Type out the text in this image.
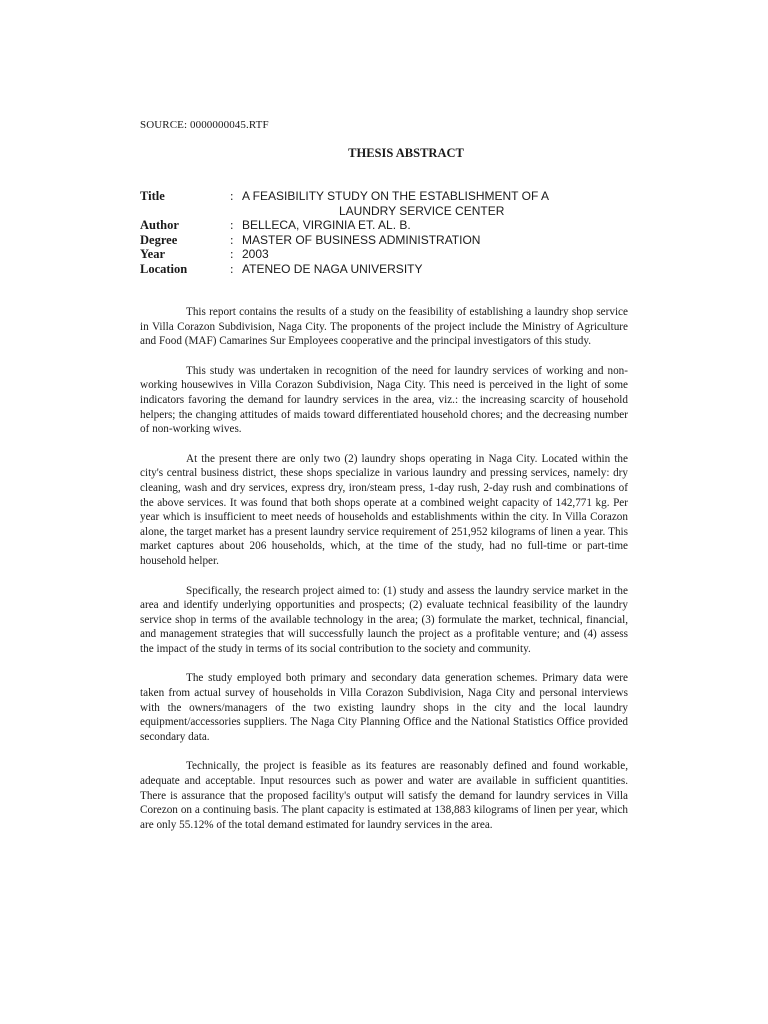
SOURCE: 0000000045.RTF
THESIS ABSTRACT
Title	: A FEASIBILITY STUDY ON THE ESTABLISHMENT OF A
LAUNDRY SERVICE CENTER
Author	: BELLECA, VIRGINIA ET. AL. B.
Degree	: MASTER OF BUSINESS ADMINISTRATION
Year	: 2003
Location	: ATENEO DE NAGA UNIVERSITY

This report contains the results of a study on the feasibility of establishing a laundry shop service in Villa Corazon Subdivision, Naga City. The proponents of the project include the Ministry of Agriculture and Food (MAF) Camarines Sur Employees cooperative and the principal investigators of this study.

This study was undertaken in recognition of the need for laundry services of working and non-working housewives in Villa Corazon Subdivision, Naga City. This need is perceived in the light of some indicators favoring the demand for laundry services in the area, viz.: the increasing scarcity of household helpers; the changing attitudes of maids toward differentiated household chores; and the decreasing number of non-working wives.

At the present there are only two (2) laundry shops operating in Naga City. Located within the city's central business district, these shops specialize in various laundry and pressing services, namely: dry cleaning, wash and dry services, express dry, iron/steam press, 1-day rush, 2-day rush and combinations of the above services. It was found that both shops operate at a combined weight capacity of 142,771 kg. Per year which is insufficient to meet needs of households and establishments within the city. In Villa Corazon alone, the target market has a present laundry service requirement of 251,952 kilograms of linen a year. This market captures about 206 households, which, at the time of the study, had no full-time or part-time household helper.

Specifically, the research project aimed to: (1) study and assess the laundry service market in the area and identify underlying opportunities and prospects; (2) evaluate technical feasibility of the laundry service shop in terms of the available technology in the area; (3) formulate the market, technical, financial, and management strategies that will successfully launch the project as a profitable venture; and (4) assess the impact of the study in terms of its social contribution to the society and community.

The study employed both primary and secondary data generation schemes. Primary data were taken from actual survey of households in Villa Corazon Subdivision, Naga City and personal interviews with the owners/managers of the two existing laundry shops in the city and the local laundry equipment/accessories suppliers. The Naga City Planning Office and the National Statistics Office provided secondary data.

Technically, the project is feasible as its features are reasonably defined and found workable, adequate and acceptable. Input resources such as power and water are available in sufficient quantities. There is assurance that the proposed facility's output will satisfy the demand for laundry services in Villa Corezon on a continuing basis. The plant capacity is estimated at 138,883 kilograms of linen per year, which are only 55.12% of the total demand estimated for laundry services in the area.
